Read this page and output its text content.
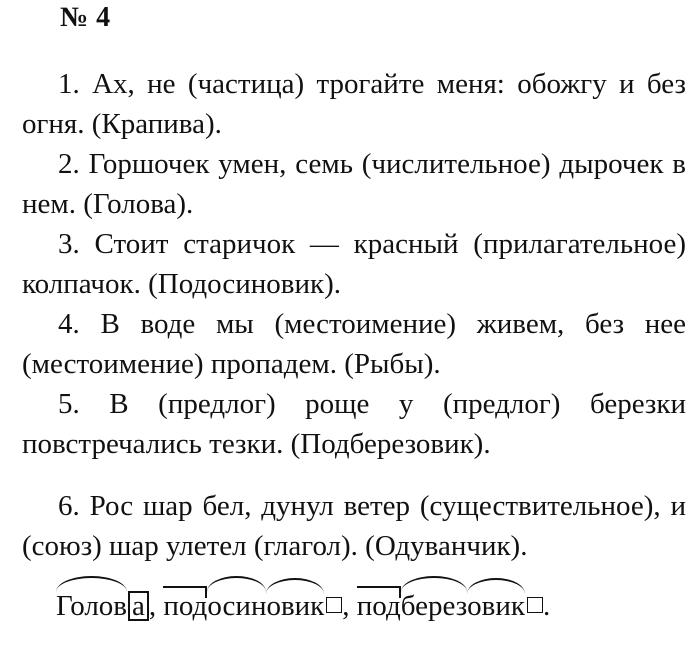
№ 4

1. Ах, не (частица) трогайте меня: обожгу и без огня. (Крапива).

2. Горшочек умен, семь (числительное) дырочек в нем. (Голова).

3. Стоит старичок — красный (прилагательное) колпачок. (Подосиновик).

4. В воде мы (местоимение) живем, без нее (местоимение) пропадем. (Рыбы).

5. В (предлог) роще у (предлог) березки повстречались тезки. (Подберезовик).

6. Рос шар бел, дунул ветер (существительное), и (союз) шар улетел (глагол). (Одуванчик).

Голов а ,
под
осин
овик ,
под
берез
овик .
